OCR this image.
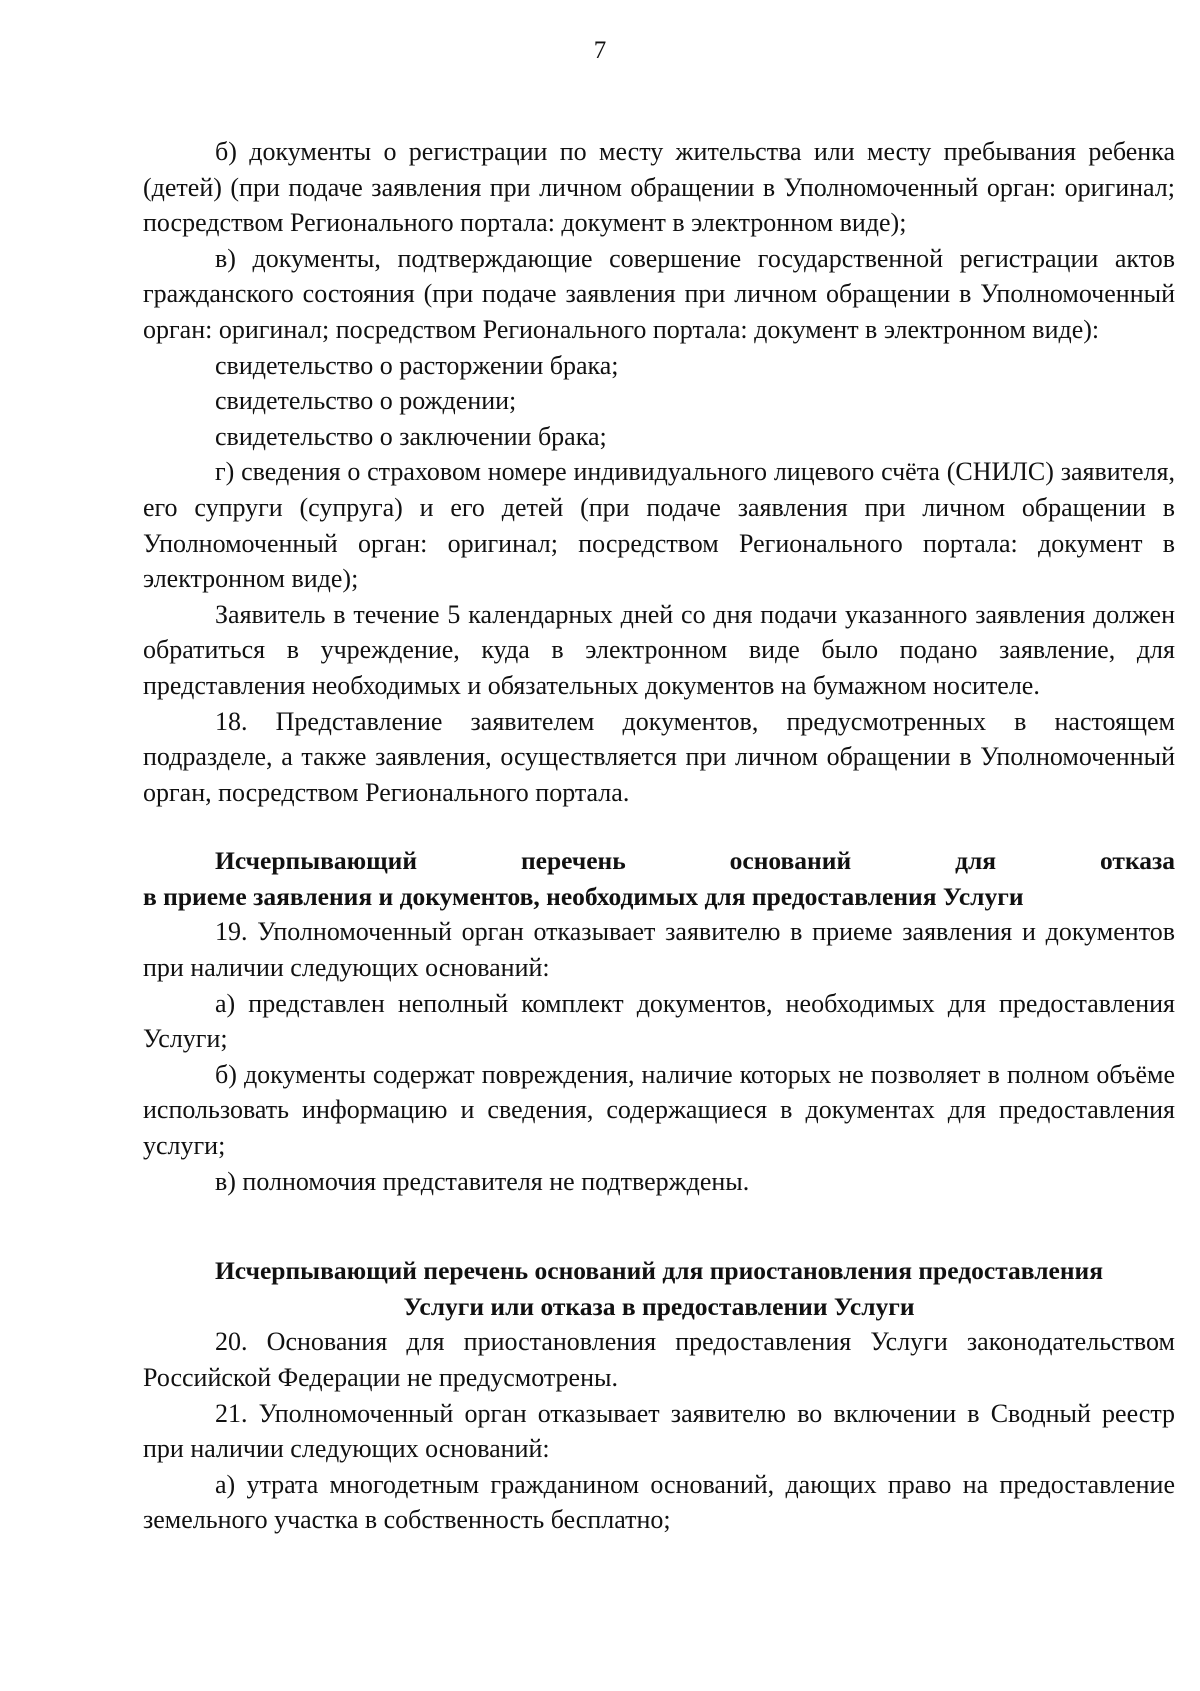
7

б) документы о регистрации по месту жительства или месту пребывания ребенка (детей) (при подаче заявления при личном обращении в Уполномоченный орган: оригинал; посредством Регионального портала: документ в электронном виде);

в) документы, подтверждающие совершение государственной регистрации актов гражданского состояния (при подаче заявления при личном обращении в Уполномоченный орган: оригинал; посредством Регионального портала: документ в электронном виде):

свидетельство о расторжении брака;

свидетельство о рождении;

свидетельство о заключении брака;

г) сведения о страховом номере индивидуального лицевого счёта (СНИЛС) заявителя, его супруги (супруга) и его детей (при подаче заявления при личном обращении в Уполномоченный орган: оригинал; посредством Регионального портала: документ в электронном виде);

Заявитель в течение 5 календарных дней со дня подачи указанного заявления должен обратиться в учреждение, куда в электронном виде было подано заявление, для представления необходимых и обязательных документов на бумажном носителе.

18. Представление заявителем документов, предусмотренных в настоящем подразделе, а также заявления, осуществляется при личном обращении в Уполномоченный орган, посредством Регионального портала.

Исчерпывающий	перечень	оснований	для	отказа
в приеме заявления и документов, необходимых для предоставления Услуги

19. Уполномоченный орган отказывает заявителю в приеме заявления и документов при наличии следующих оснований:

а) представлен неполный комплект документов, необходимых для предоставления Услуги;

б) документы содержат повреждения, наличие которых не позволяет в полном объёме использовать информацию и сведения, содержащиеся в документах для предоставления услуги;

в) полномочия представителя не подтверждены.

Исчерпывающий перечень оснований для приостановления предоставления
Услуги или отказа в предоставлении Услуги

20. Основания для приостановления предоставления Услуги законодательством Российской Федерации не предусмотрены.

21. Уполномоченный орган отказывает заявителю во включении в Сводный реестр при наличии следующих оснований:

а) утрата многодетным гражданином оснований, дающих право на предоставление земельного участка в собственность бесплатно;
